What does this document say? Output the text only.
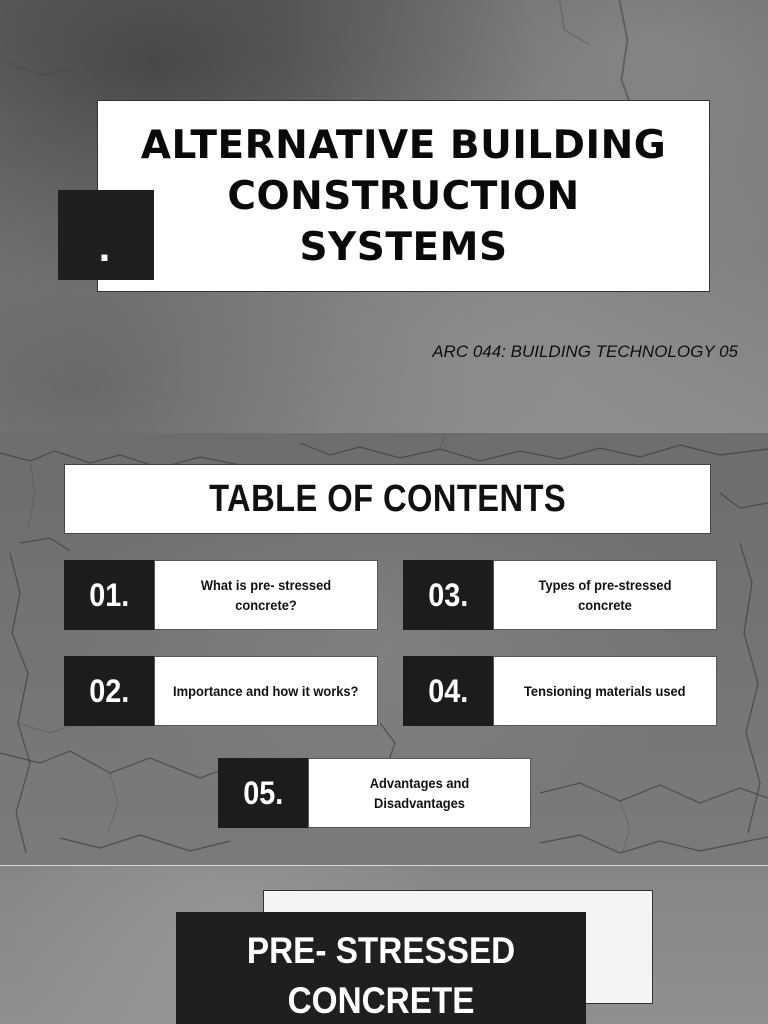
ALTERNATIVE BUILDING
CONSTRUCTION
SYSTEMS

.
ARC 044: BUILDING TECHNOLOGY 05
TABLE OF CONTENTS
01.	What is pre- stressed concrete?
02.	Importance and how it works?
03.	Types of pre-stressed concrete
04.	Tensioning materials used
05.	Advantages and Disadvantages
PRE- STRESSED
CONCRETE
